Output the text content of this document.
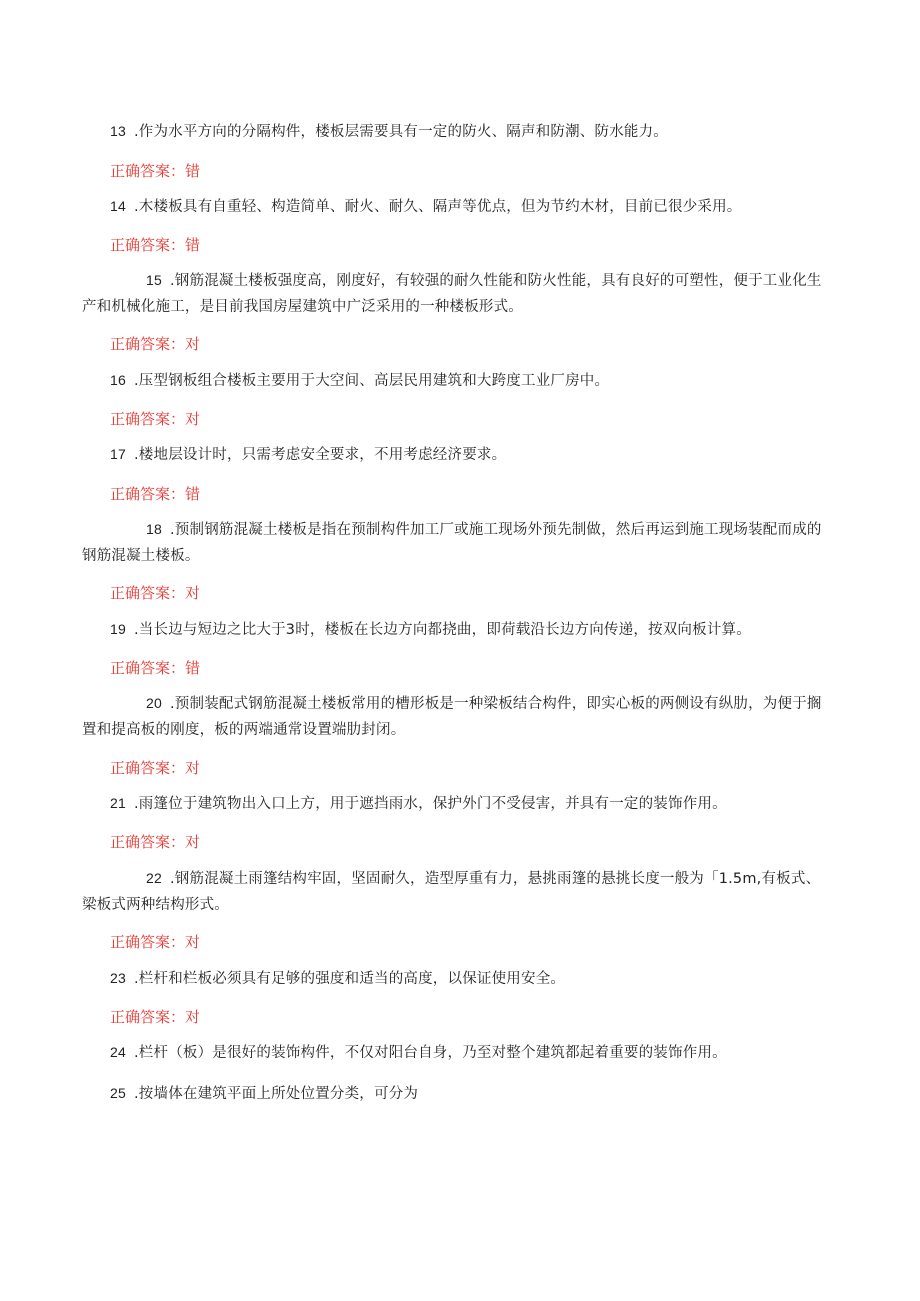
13 .作为水平方向的分隔构件，楼板层需要具有一定的防火、隔声和防潮、防水能力。
正确答案：错
14 .木楼板具有自重轻、构造简单、耐火、耐久、隔声等优点，但为节约木材，目前已很少采用。
正确答案：错
15 .钢筋混凝土楼板强度高，刚度好，有较强的耐久性能和防火性能，具有良好的可塑性，便于工业化生产和机械化施工，是目前我国房屋建筑中广泛采用的一种楼板形式。
正确答案：对
16 .压型钢板组合楼板主要用于大空间、高层民用建筑和大跨度工业厂房中。
正确答案：对
17 .楼地层设计时，只需考虑安全要求，不用考虑经济要求。
正确答案：错
18 .预制钢筋混凝土楼板是指在预制构件加工厂或施工现场外预先制做，然后再运到施工现场装配而成的钢筋混凝土楼板。
正确答案：对
19 .当长边与短边之比大于3时，楼板在长边方向都挠曲，即荷载沿长边方向传递，按双向板计算。
正确答案：错
20 .预制装配式钢筋混凝土楼板常用的槽形板是一种梁板结合构件，即实心板的两侧设有纵肋，为便于搁置和提高板的刚度，板的两端通常设置端肋封闭。
正确答案：对
21 .雨篷位于建筑物出入口上方，用于遮挡雨水，保护外门不受侵害，并具有一定的装饰作用。
正确答案：对
22 .钢筋混凝土雨篷结构牢固，坚固耐久，造型厚重有力，悬挑雨篷的悬挑长度一般为「1.5m,有板式、梁板式两种结构形式。
正确答案：对
23 .栏杆和栏板必须具有足够的强度和适当的高度，以保证使用安全。
正确答案：对
24 .栏杆（板）是很好的装饰构件，不仅对阳台自身，乃至对整个建筑都起着重要的装饰作用。
25 .按墙体在建筑平面上所处位置分类，可分为
